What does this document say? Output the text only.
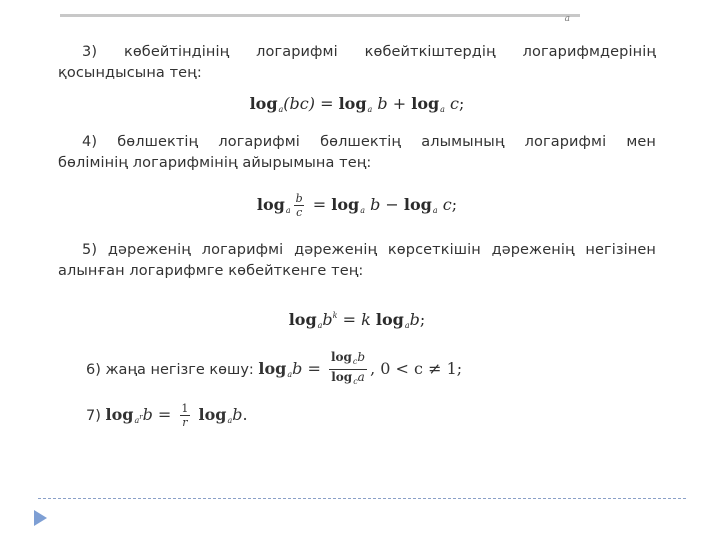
a
3) көбейтіндінің логарифмі көбейткіштердің логарифмдерінің
қосындысына тең:
$\log_a(bc) = \log_a b + \log_a c$;
4) бөлшектің логарифмі бөлшектің алымының логарифмі мен
бөлімінің логарифмінің айырымына тең:
$\log_a \frac{b}{c} = \log_a b - \log_a c$;
5) дәреженің логарифмі дәреженің көрсеткішін дәреженің негізінен
алынған логарифмге көбейткенге тең:
$\log_ab^k = k$ $\log_ab$;
6) жаңа негізге көшу: $\log_ab = \frac{\log_cb}{\log_ca}$ , 0 < c ≠ 1;
7) $\log_{a^r}b = \frac{1}{r} \log_ab$.
